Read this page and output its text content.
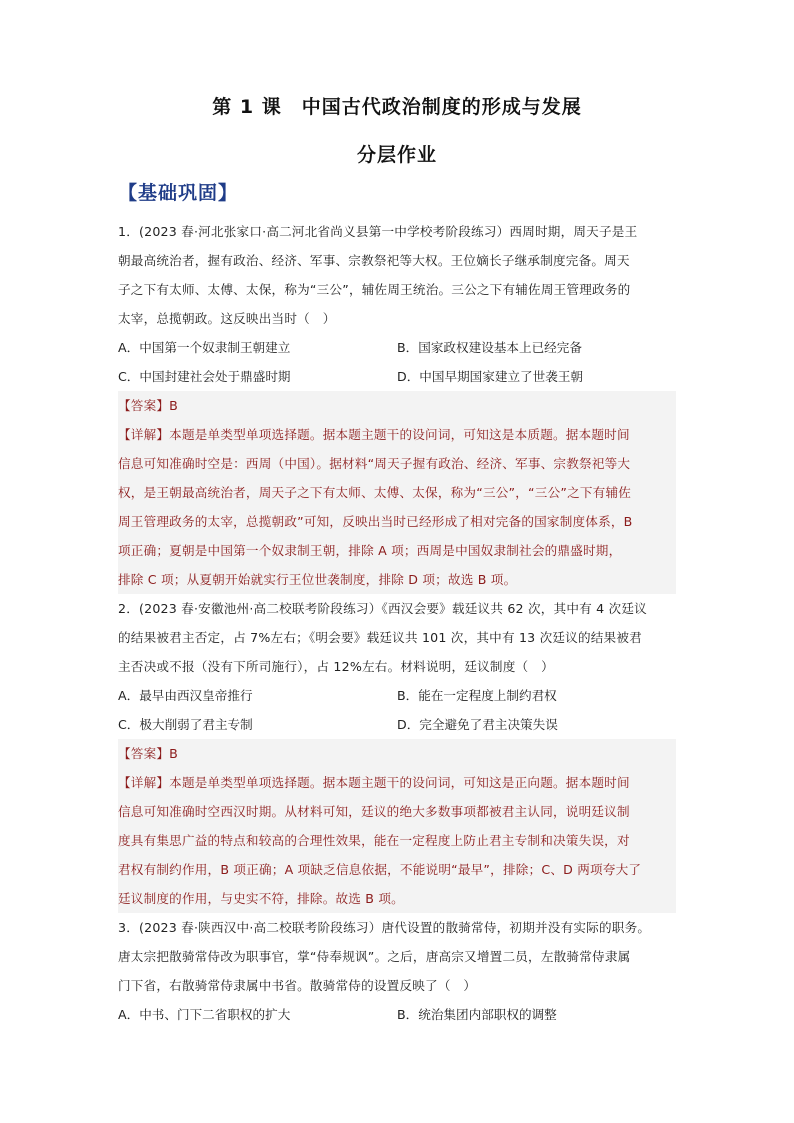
第 1 课　中国古代政治制度的形成与发展
分层作业
【基础巩固】
1．(2023 春·河北张家口·高二河北省尚义县第一中学校考阶段练习）西周时期，周天子是王
朝最高统治者，握有政治、经济、军事、宗教祭祀等大权。王位嫡长子继承制度完备。周天
子之下有太师、太傅、太保，称为“三公”，辅佐周王统治。三公之下有辅佐周王管理政务的
太宰，总揽朝政。这反映出当时（　）
A．中国第一个奴隶制王朝建立	B．国家政权建设基本上已经完备
C．中国封建社会处于鼎盛时期	D．中国早期国家建立了世袭王朝
【答案】B
【详解】本题是单类型单项选择题。据本题主题干的设问词，可知这是本质题。据本题时间
信息可知准确时空是：西周（中国）。据材料“周天子握有政治、经济、军事、宗教祭祀等大
权，是王朝最高统治者，周天子之下有太师、太傅、太保，称为“三公”，“三公”之下有辅佐
周王管理政务的太宰，总揽朝政”可知，反映出当时已经形成了相对完备的国家制度体系，B
项正确；夏朝是中国第一个奴隶制王朝，排除 A 项；西周是中国奴隶制社会的鼎盛时期，
排除 C 项；从夏朝开始就实行王位世袭制度，排除 D 项；故选 B 项。
2．(2023 春·安徽池州·高二校联考阶段练习）《西汉会要》载廷议共 62 次，其中有 4 次廷议
的结果被君主否定，占 7%左右；《明会要》载廷议共 101 次，其中有 13 次廷议的结果被君
主否决或不报（没有下所司施行），占 12%左右。材料说明，廷议制度（　）
A．最早由西汉皇帝推行	B．能在一定程度上制约君权
C．极大削弱了君主专制	D．完全避免了君主决策失误
【答案】B
【详解】本题是单类型单项选择题。据本题主题干的设问词，可知这是正向题。据本题时间
信息可知准确时空西汉时期。从材料可知，廷议的绝大多数事项都被君主认同，说明廷议制
度具有集思广益的特点和较高的合理性效果，能在一定程度上防止君主专制和决策失误，对
君权有制约作用，B 项正确；A 项缺乏信息依据，不能说明“最早”，排除；C、D 两项夸大了
廷议制度的作用，与史实不符，排除。故选 B 项。
3．(2023 春·陕西汉中·高二校联考阶段练习）唐代设置的散骑常侍，初期并没有实际的职务。
唐太宗把散骑常侍改为职事官，掌“侍奉规讽”。之后，唐高宗又增置二员，左散骑常侍隶属
门下省，右散骑常侍隶属中书省。散骑常侍的设置反映了（　）
A．中书、门下二省职权的扩大	B．统治集团内部职权的调整
